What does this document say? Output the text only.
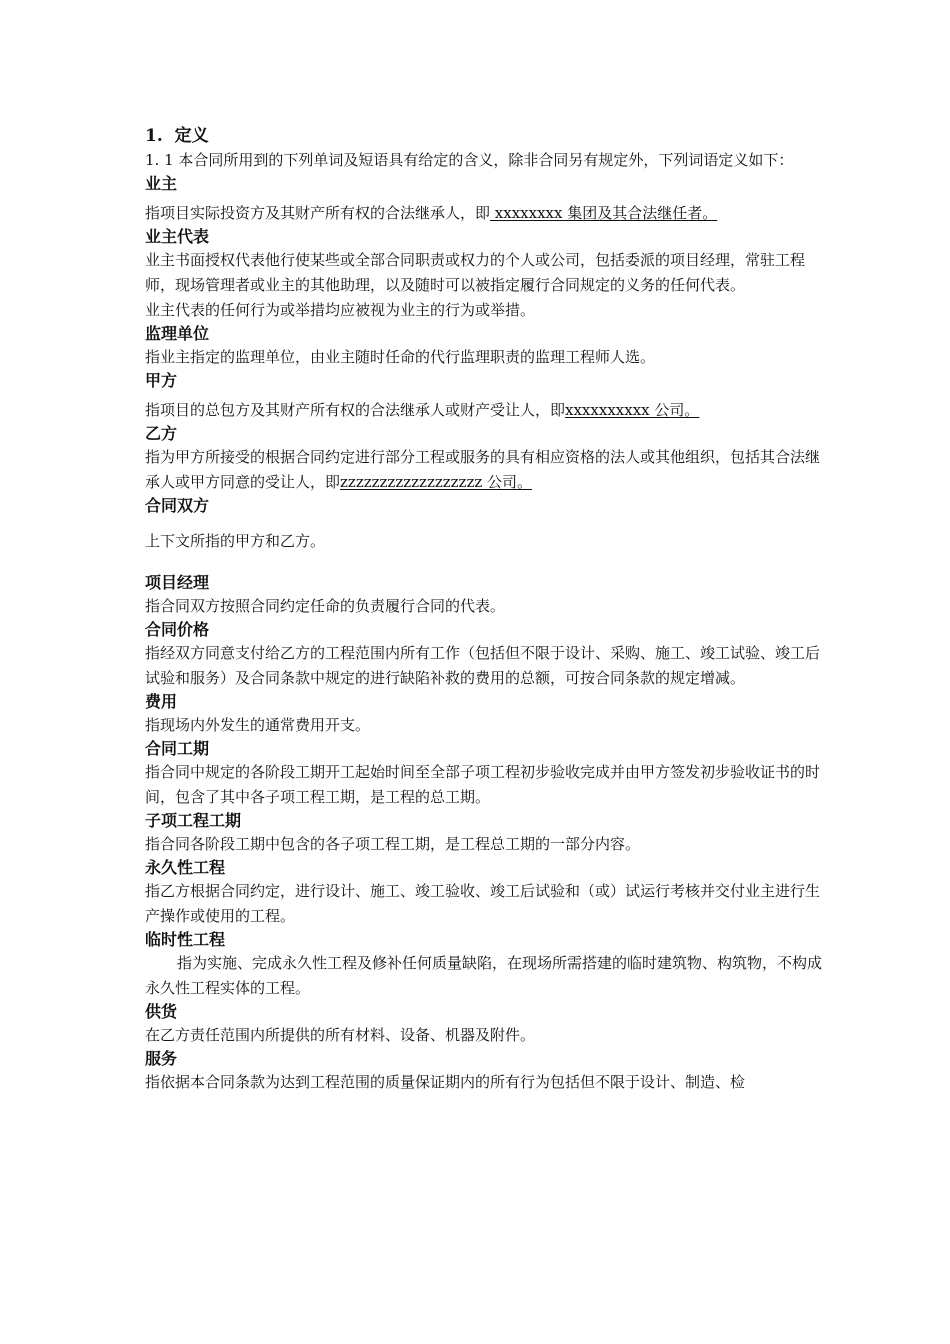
1. 定义

1. 1 本合同所用到的下列单词及短语具有给定的含义，除非合同另有规定外，下列词语定义如下：

业主

指项目实际投资方及其财产所有权的合法继承人，即 xxxxxxxx 集团及其合法继任者。

业主代表

业主书面授权代表他行使某些或全部合同职责或权力的个人或公司，包括委派的项目经理，常驻工程师，现场管理者或业主的其他助理，以及随时可以被指定履行合同规定的义务的任何代表。

业主代表的任何行为或举措均应被视为业主的行为或举措。

监理单位

指业主指定的监理单位，由业主随时任命的代行监理职责的监理工程师人选。

甲方

指项目的总包方及其财产所有权的合法继承人或财产受让人，即xxxxxxxxxx 公司。

乙方

指为甲方所接受的根据合同约定进行部分工程或服务的具有相应资格的法人或其他组织，包括其合法继承人或甲方同意的受让人，即zzzzzzzzzzzzzzzzzz 公司。

合同双方

上下文所指的甲方和乙方。

项目经理

指合同双方按照合同约定任命的负责履行合同的代表。

合同价格

指经双方同意支付给乙方的工程范围内所有工作（包括但不限于设计、采购、施工、竣工试验、竣工后试验和服务）及合同条款中规定的进行缺陷补救的费用的总额，可按合同条款的规定增减。

费用

指现场内外发生的通常费用开支。

合同工期

指合同中规定的各阶段工期开工起始时间至全部子项工程初步验收完成并由甲方签发初步验收证书的时间，包含了其中各子项工程工期，是工程的总工期。

子项工程工期

指合同各阶段工期中包含的各子项工程工期，是工程总工期的一部分内容。

永久性工程

指乙方根据合同约定，进行设计、施工、竣工验收、竣工后试验和（或）试运行考核并交付业主进行生产操作或使用的工程。

临时性工程

指为实施、完成永久性工程及修补任何质量缺陷，在现场所需搭建的临时建筑物、构筑物，不构成永久性工程实体的工程。

供货

在乙方责任范围内所提供的所有材料、设备、机器及附件。

服务

指依据本合同条款为达到工程范围的质量保证期内的所有行为包括但不限于设计、制造、检
